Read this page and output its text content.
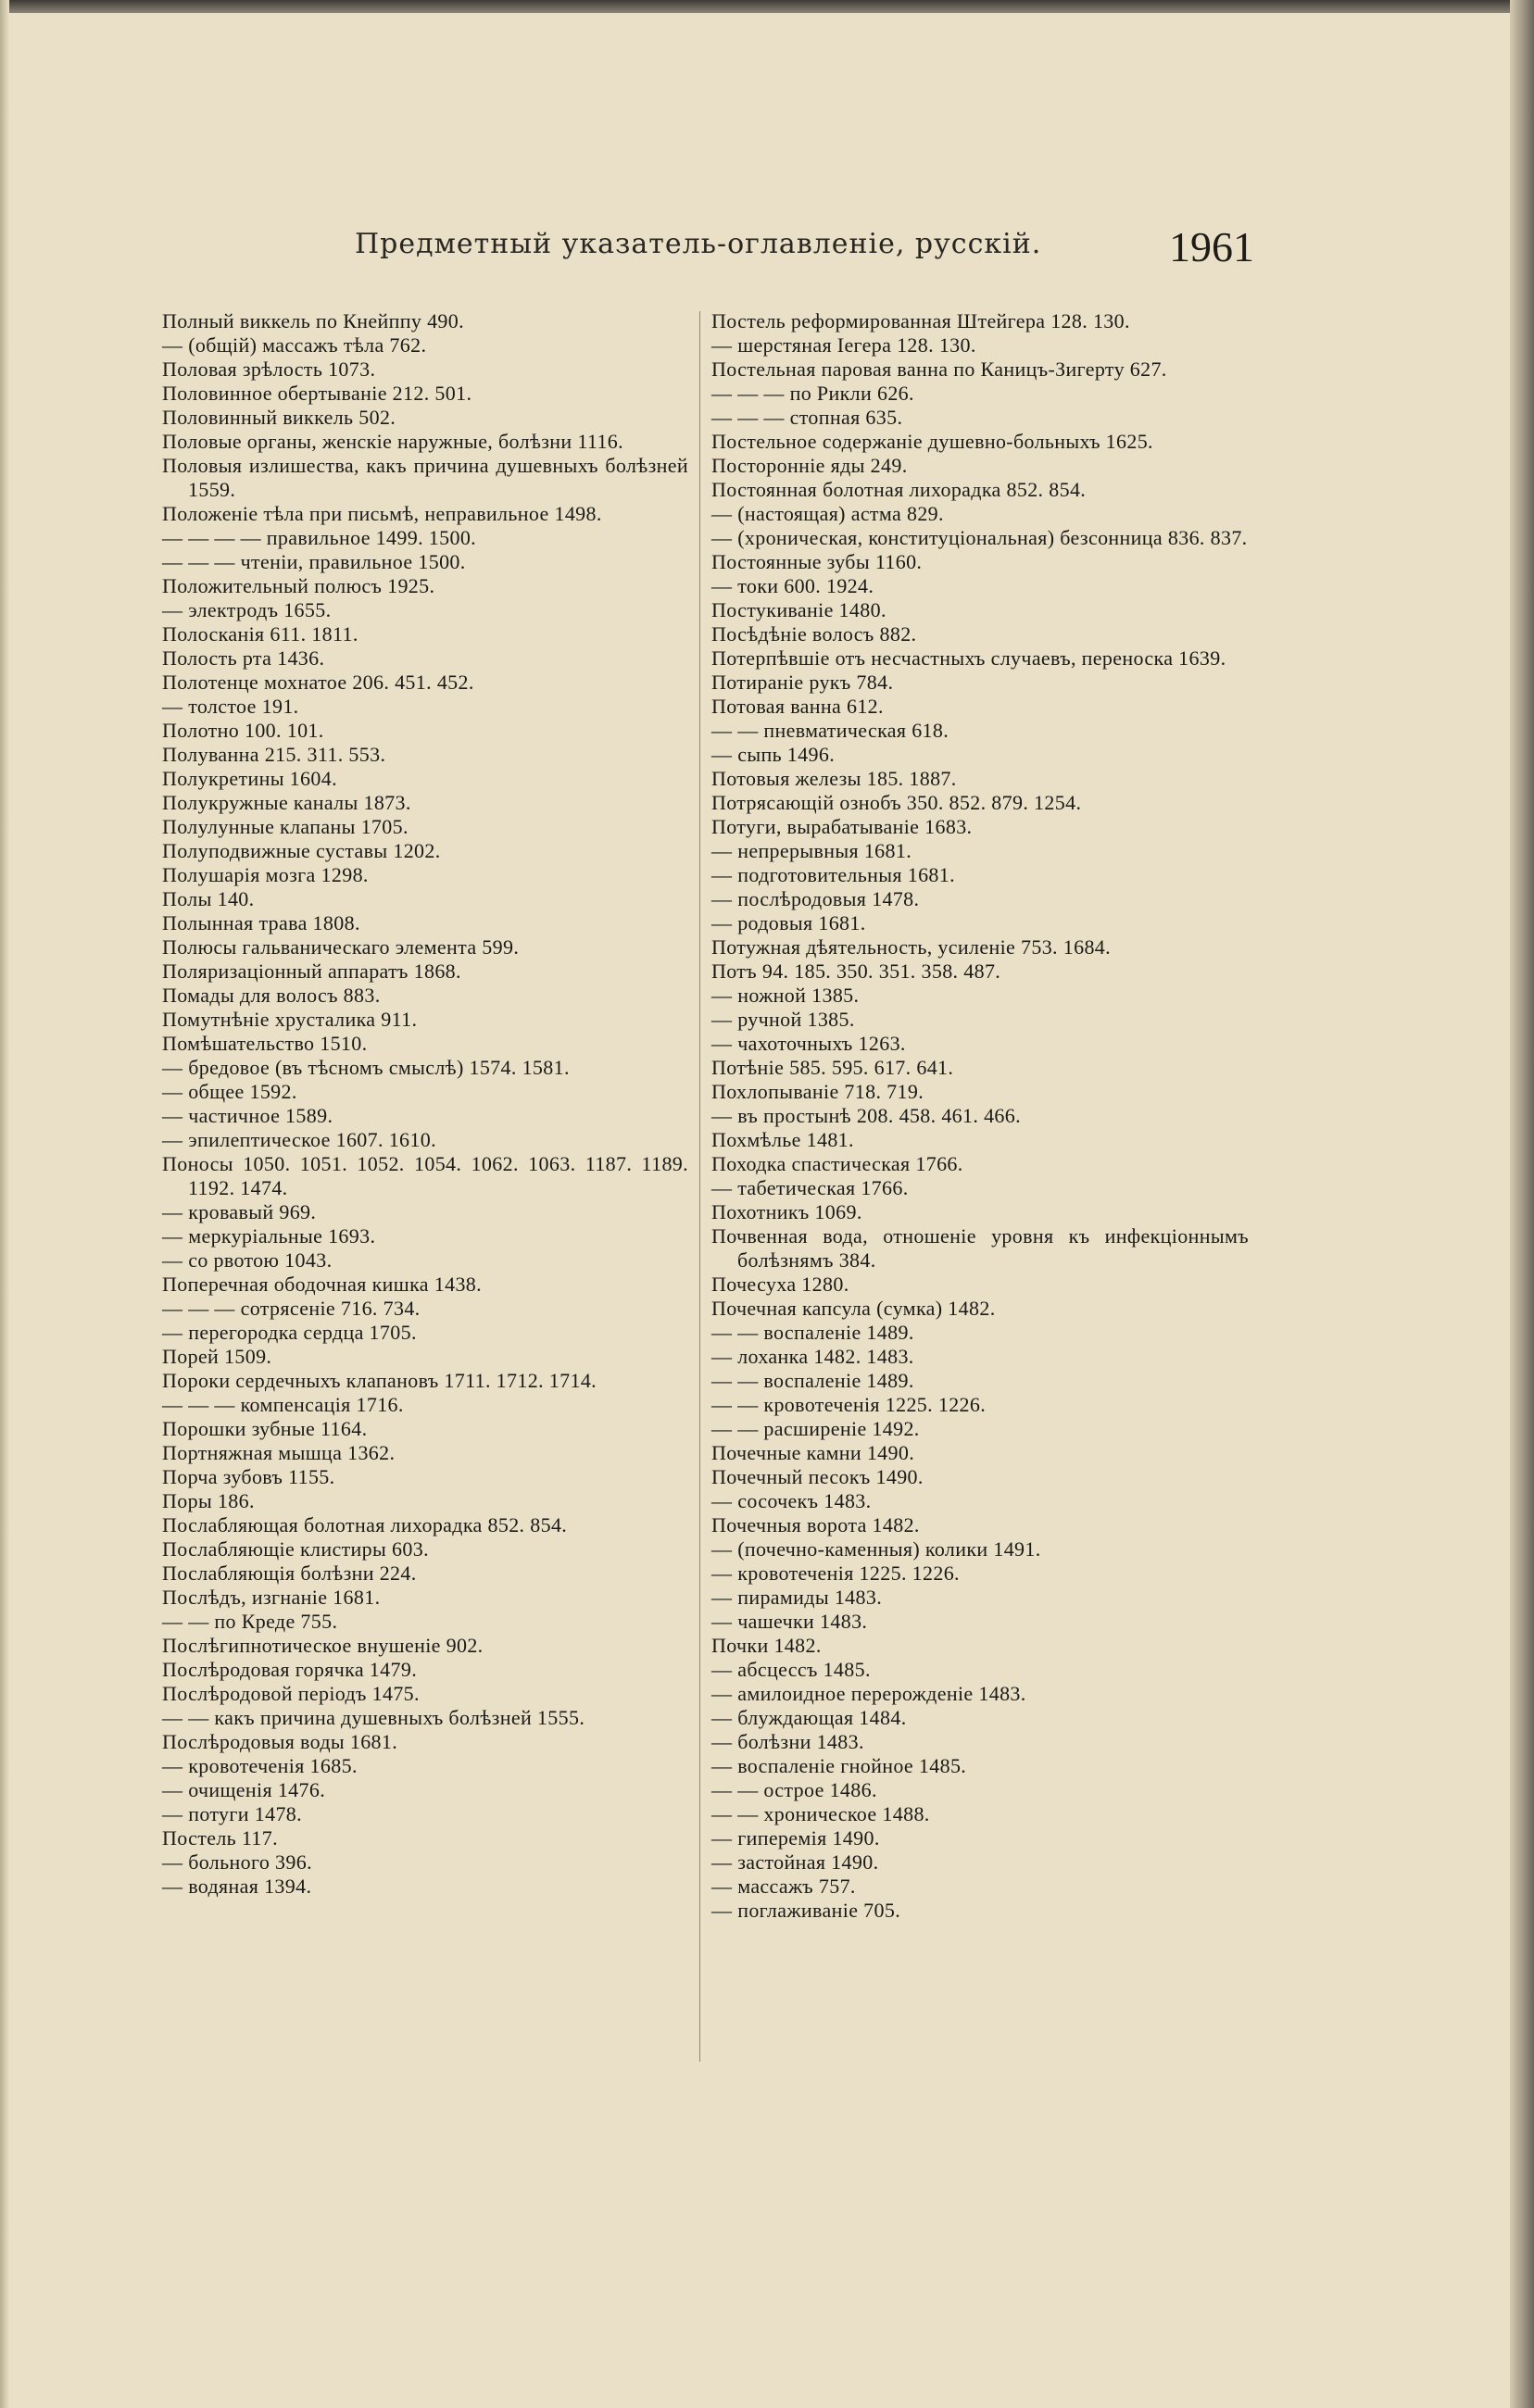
Предметный указатель-оглавленіе, русскій.	1961

Полный виккель по Кнейппу 490.

— (общій) массажъ тѣла 762.

Половая зрѣлость 1073.

Половинное обертыванiе 212. 501.

Половинный виккель 502.

Половые органы, женскіе наружные, болѣзни 1116.

Половыя излишества, какъ причина душевныхъ болѣзней 1559.

Положеніе тѣла при письмѣ, неправильное 1498.

— — — — правильное 1499. 1500.

— — — чтеніи, правильное 1500.

Положительный полюсъ 1925.

— электродъ 1655.

Полосканія 611. 1811.

Полость рта 1436.

Полотенце мохнатое 206. 451. 452.

— толстое 191.

Полотно 100. 101.

Полуванна 215. 311. 553.

Полукретины 1604.

Полукружные каналы 1873.

Полулунные клапаны 1705.

Полуподвижные суставы 1202.

Полушарія мозга 1298.

Полы 140.

Полынная трава 1808.

Полюсы гальваническаго элемента 599.

Поляризаціонный аппаратъ 1868.

Помады для волосъ 883.

Помутнѣніе хрусталика 911.

Помѣшательство 1510.

— бредовое (въ тѣсномъ смыслѣ) 1574. 1581.

— общее 1592.

— частичное 1589.

— эпилептическое 1607. 1610.

Поносы 1050. 1051. 1052. 1054. 1062. 1063. 1187. 1189. 1192. 1474.

— кровавый 969.

— меркуріальные 1693.

— со рвотою 1043.

Поперечная ободочная кишка 1438.

— — — сотрясеніе 716. 734.

— перегородка сердца 1705.

Порей 1509.

Пороки сердечныхъ клапановъ 1711. 1712. 1714.

— — — компенсація 1716.

Порошки зубные 1164.

Портняжная мышца 1362.

Порча зубовъ 1155.

Поры 186.

Послабляющая болотная лихорадка 852. 854.

Послабляющіе клистиры 603.

Послабляющія болѣзни 224.

Послѣдъ, изгнаніе 1681.

— — по Креде 755.

Послѣгипнотическое внушеніе 902.

Послѣродовая горячка 1479.

Послѣродовой періодъ 1475.

— — какъ причина душевныхъ болѣзней 1555.

Послѣродовыя воды 1681.

— кровотеченія 1685.

— очищенія 1476.

— потуги 1478.

Постель 117.

— больного 396.

— водяная 1394.

Постель реформированная Штейгера 128. 130.

— шерстяная Іегера 128. 130.

Постельная паровая ванна по Каницъ-Зигерту 627.

— — — по Рикли 626.

— — — стопная 635.

Постельное содержаніе душевно-больныхъ 1625.

Посторонніе яды 249.

Постоянная болотная лихорадка 852. 854.

— (настоящая) астма 829.

— (хроническая, конституціональная) безсонница 836. 837.

Постоянные зубы 1160.

— токи 600. 1924.

Постукиваніе 1480.

Посѣдѣніе волосъ 882.

Потерпѣвшіе отъ несчастныхъ случаевъ, переноска 1639.

Потираніе рукъ 784.

Потовая ванна 612.

— — пневматическая 618.

— сыпь 1496.

Потовыя железы 185. 1887.

Потрясающій ознобъ 350. 852. 879. 1254.

Потуги, вырабатываніе 1683.

— непрерывныя 1681.

— подготовительныя 1681.

— послѣродовыя 1478.

— родовыя 1681.

Потужная дѣятельность, усиленіе 753. 1684.

Потъ 94. 185. 350. 351. 358. 487.

— ножной 1385.

— ручной 1385.

— чахоточныхъ 1263.

Потѣніе 585. 595. 617. 641.

Похлопываніе 718. 719.

— въ простынѣ 208. 458. 461. 466.

Похмѣлье 1481.

Походка спастическая 1766.

— табетическая 1766.

Похотникъ 1069.

Почвенная вода, отношеніе уровня къ инфекціоннымъ болѣзнямъ 384.

Почесуха 1280.

Почечная капсула (сумка) 1482.

— — воспаленіе 1489.

— лоханка 1482. 1483.

— — воспаленіе 1489.

— — кровотеченія 1225. 1226.

— — расширеніе 1492.

Почечные камни 1490.

Почечный песокъ 1490.

— сосочекъ 1483.

Почечныя ворота 1482.

— (почечно-каменныя) колики 1491.

— кровотеченія 1225. 1226.

— пирамиды 1483.

— чашечки 1483.

Почки 1482.

— абсцессъ 1485.

— амилоидное перерожденіе 1483.

— блуждающая 1484.

— болѣзни 1483.

— воспаленіе гнойное 1485.

— — острое 1486.

— — хроническое 1488.

— гиперемія 1490.

— застойная 1490.

— массажъ 757.

— поглаживаніе 705.
